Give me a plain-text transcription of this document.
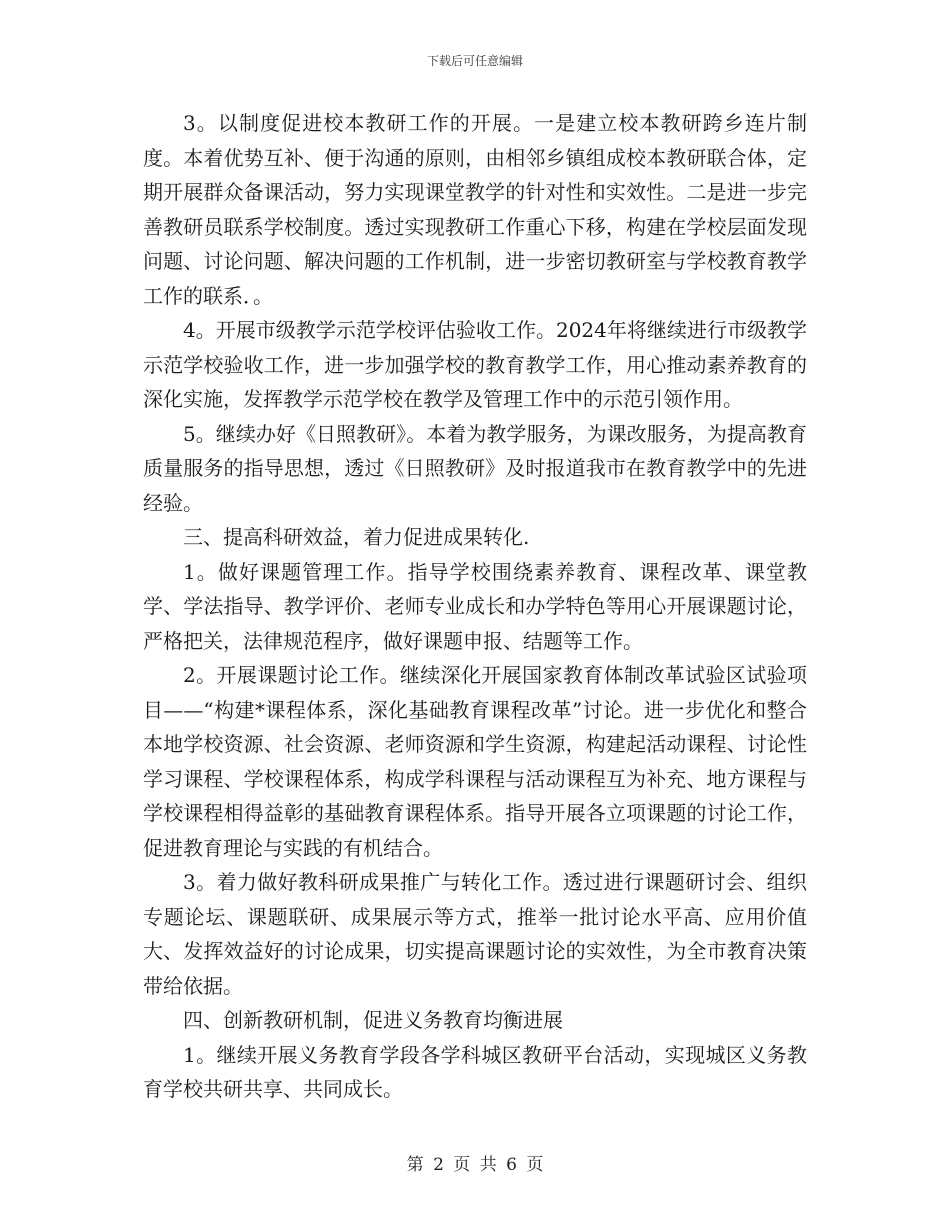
下载后可任意编辑

3。以制度促进校本教研工作的开展。一是建立校本教研跨乡连片制度。本着优势互补、便于沟通的原则，由相邻乡镇组成校本教研联合体，定期开展群众备课活动，努力实现课堂教学的针对性和实效性。二是进一步完善教研员联系学校制度。透过实现教研工作重心下移，构建在学校层面发现问题、讨论问题、解决问题的工作机制，进一步密切教研室与学校教育教学工作的联系．。

4。开展市级教学示范学校评估验收工作。2024年将继续进行市级教学示范学校验收工作，进一步加强学校的教育教学工作，用心推动素养教育的深化实施，发挥教学示范学校在教学及管理工作中的示范引领作用。

5。继续办好《日照教研》。本着为教学服务，为课改服务，为提高教育质量服务的指导思想，透过《日照教研》及时报道我市在教育教学中的先进经验。

三、提高科研效益，着力促进成果转化.

1。做好课题管理工作。指导学校围绕素养教育、课程改革、课堂教学、学法指导、教学评价、老师专业成长和办学特色等用心开展课题讨论，严格把关，法律规范程序，做好课题申报、结题等工作。

2。开展课题讨论工作。继续深化开展国家教育体制改革试验区试验项目——“构建*课程体系，深化基础教育课程改革”讨论。进一步优化和整合本地学校资源、社会资源、老师资源和学生资源，构建起活动课程、讨论性学习课程、学校课程体系，构成学科课程与活动课程互为补充、地方课程与学校课程相得益彰的基础教育课程体系。指导开展各立项课题的讨论工作，促进教育理论与实践的有机结合。

3。着力做好教科研成果推广与转化工作。透过进行课题研讨会、组织专题论坛、课题联研、成果展示等方式，推举一批讨论水平高、应用价值大、发挥效益好的讨论成果，切实提高课题讨论的实效性，为全市教育决策带给依据。

四、创新教研机制，促进义务教育均衡进展

1。继续开展义务教育学段各学科城区教研平台活动，实现城区义务教育学校共研共享、共同成长。

第 2 页 共 6 页
